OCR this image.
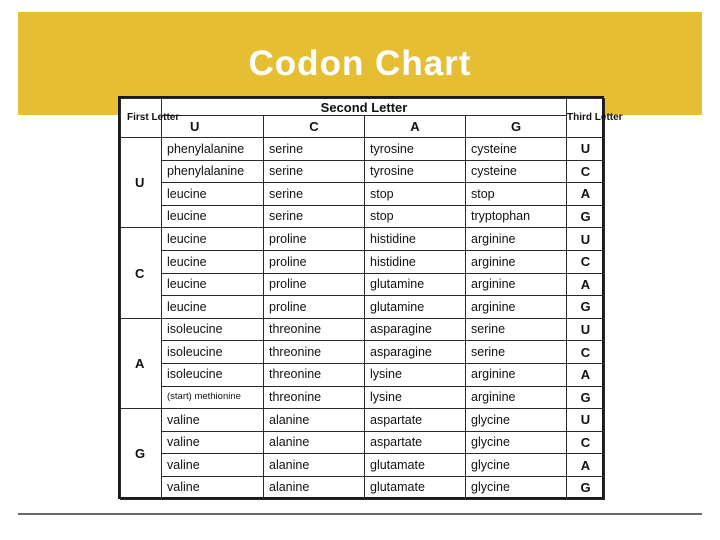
Codon Chart
First Letter	Second Letter				Third Letter
	U	C	A	G	
U	phenylalanine	serine	tyrosine	cysteine	U
	phenylalanine	serine	tyrosine	cysteine	C
	leucine	serine	stop	stop	A
	leucine	serine	stop	tryptophan	G
C	leucine	proline	histidine	arginine	U
	leucine	proline	histidine	arginine	C
	leucine	proline	glutamine	arginine	A
	leucine	proline	glutamine	arginine	G
A	isoleucine	threonine	asparagine	serine	U
	isoleucine	threonine	asparagine	serine	C
	isoleucine	threonine	lysine	arginine	A
	(start) methionine	threonine	lysine	arginine	G
G	valine	alanine	aspartate	glycine	U
	valine	alanine	aspartate	glycine	C
	valine	alanine	glutamate	glycine	A
	valine	alanine	glutamate	glycine	G
